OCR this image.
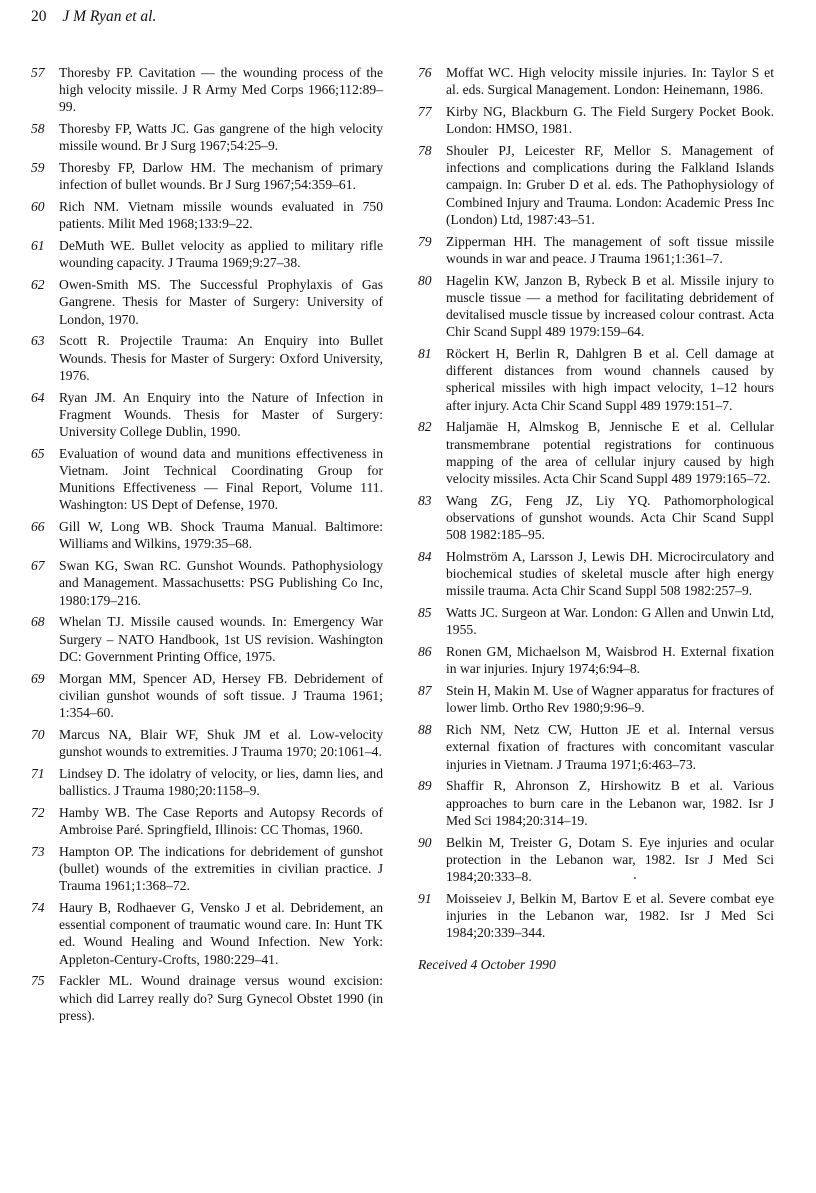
20 J M Ryan et al.
57 Thoresby FP. Cavitation — the wounding process of the high velocity missile. J R Army Med Corps 1966;112:89–99.
58 Thoresby FP, Watts JC. Gas gangrene of the high velocity missile wound. Br J Surg 1967;54:25–9.
59 Thoresby FP, Darlow HM. The mechanism of primary infection of bullet wounds. Br J Surg 1967;54:359–61.
60 Rich NM. Vietnam missile wounds evaluated in 750 patients. Milit Med 1968;133:9–22.
61 DeMuth WE. Bullet velocity as applied to military rifle wounding capacity. J Trauma 1969;9:27–38.
62 Owen-Smith MS. The Successful Prophylaxis of Gas Gangrene. Thesis for Master of Surgery: University of London, 1970.
63 Scott R. Projectile Trauma: An Enquiry into Bullet Wounds. Thesis for Master of Surgery: Oxford University, 1976.
64 Ryan JM. An Enquiry into the Nature of Infection in Fragment Wounds. Thesis for Master of Surgery: University College Dublin, 1990.
65 Evaluation of wound data and munitions effectiveness in Vietnam. Joint Technical Coordinating Group for Munitions Effectiveness — Final Report, Volume 111. Washington: US Dept of Defense, 1970.
66 Gill W, Long WB. Shock Trauma Manual. Baltimore: Williams and Wilkins, 1979:35–68.
67 Swan KG, Swan RC. Gunshot Wounds. Pathophysiology and Management. Massachusetts: PSG Publishing Co Inc, 1980:179–216.
68 Whelan TJ. Missile caused wounds. In: Emergency War Surgery – NATO Handbook, 1st US revision. Washington DC: Government Printing Office, 1975.
69 Morgan MM, Spencer AD, Hersey FB. Debridement of civilian gunshot wounds of soft tissue. J Trauma 1961; 1:354–60.
70 Marcus NA, Blair WF, Shuk JM et al. Low-velocity gunshot wounds to extremities. J Trauma 1970; 20:1061–4.
71 Lindsey D. The idolatry of velocity, or lies, damn lies, and ballistics. J Trauma 1980;20:1158–9.
72 Hamby WB. The Case Reports and Autopsy Records of Ambroise Paré. Springfield, Illinois: CC Thomas, 1960.
73 Hampton OP. The indications for debridement of gunshot (bullet) wounds of the extremities in civilian practice. J Trauma 1961;1:368–72.
74 Haury B, Rodhaever G, Vensko J et al. Debridement, an essential component of traumatic wound care. In: Hunt TK ed. Wound Healing and Wound Infection. New York: Appleton-Century-Crofts, 1980:229–41.
75 Fackler ML. Wound drainage versus wound excision: which did Larrey really do? Surg Gynecol Obstet 1990 (in press).
76 Moffat WC. High velocity missile injuries. In: Taylor S et al. eds. Surgical Management. London: Heinemann, 1986.
77 Kirby NG, Blackburn G. The Field Surgery Pocket Book. London: HMSO, 1981.
78 Shouler PJ, Leicester RF, Mellor S. Management of infections and complications during the Falkland Islands campaign. In: Gruber D et al. eds. The Pathophysiology of Combined Injury and Trauma. London: Academic Press Inc (London) Ltd, 1987:43–51.
79 Zipperman HH. The management of soft tissue missile wounds in war and peace. J Trauma 1961;1:361–7.
80 Hagelin KW, Janzon B, Rybeck B et al. Missile injury to muscle tissue — a method for facilitating debridement of devitalised muscle tissue by increased colour contrast. Acta Chir Scand Suppl 489 1979:159–64.
81 Röckert H, Berlin R, Dahlgren B et al. Cell damage at different distances from wound channels caused by spherical missiles with high impact velocity, 1–12 hours after injury. Acta Chir Scand Suppl 489 1979:151–7.
82 Haljamäe H, Almskog B, Jennische E et al. Cellular transmembrane potential registrations for continuous mapping of the area of cellular injury caused by high velocity missiles. Acta Chir Scand Suppl 489 1979:165–72.
83 Wang ZG, Feng JZ, Liy YQ. Pathomorphological observations of gunshot wounds. Acta Chir Scand Suppl 508 1982:185–95.
84 Holmström A, Larsson J, Lewis DH. Microcirculatory and biochemical studies of skeletal muscle after high energy missile trauma. Acta Chir Scand Suppl 508 1982:257–9.
85 Watts JC. Surgeon at War. London: G Allen and Unwin Ltd, 1955.
86 Ronen GM, Michaelson M, Waisbrod H. External fixation in war injuries. Injury 1974;6:94–8.
87 Stein H, Makin M. Use of Wagner apparatus for fractures of lower limb. Ortho Rev 1980;9:96–9.
88 Rich NM, Netz CW, Hutton JE et al. Internal versus external fixation of fractures with concomitant vascular injuries in Vietnam. J Trauma 1971;6:463–73.
89 Shaffir R, Ahronson Z, Hirshowitz B et al. Various approaches to burn care in the Lebanon war, 1982. Isr J Med Sci 1984;20:314–19.
90 Belkin M, Treister G, Dotam S. Eye injuries and ocular protection in the Lebanon war, 1982. Isr J Med Sci 1984;20:333–8.
91 Moisseiev J, Belkin M, Bartov E et al. Severe combat eye injuries in the Lebanon war, 1982. Isr J Med Sci 1984;20:339–344.
Received 4 October 1990
